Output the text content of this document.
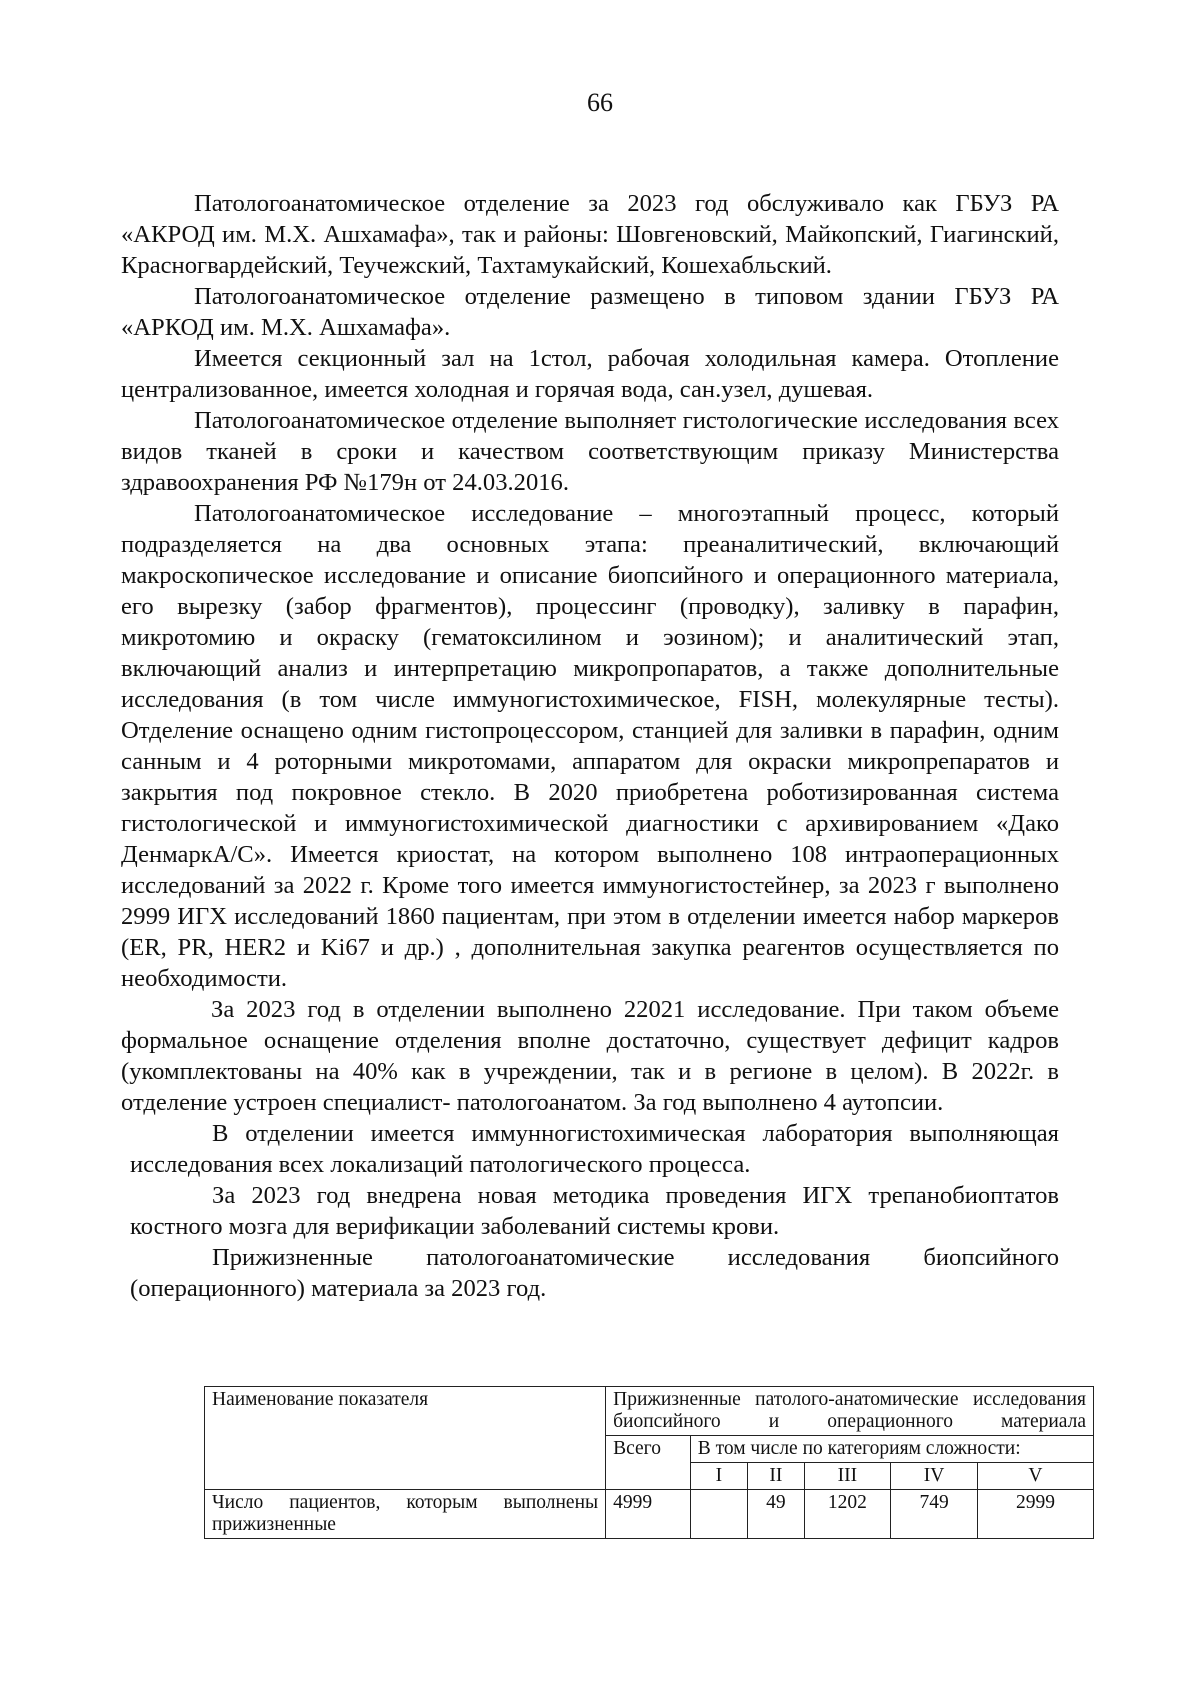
66

Патологоанатомическое отделение за 2023 год обслуживало как ГБУЗ РА «АКРОД им. М.Х. Ашхамафа», так и районы: Шовгеновский, Майкопский, Гиагинский, Красногвардейский, Теучежский, Тахтамукайский, Кошехабльский.

Патологоанатомическое отделение размещено в типовом здании ГБУЗ РА «АРКОД им. М.Х. Ашхамафа».

Имеется секционный зал на 1стол, рабочая холодильная камера. Отопление централизованное, имеется холодная и горячая вода, сан.узел, душевая.

Патологоанатомическое отделение выполняет гистологические исследования всех видов тканей в сроки и качеством соответствующим приказу Министерства здравоохранения РФ №179н от 24.03.2016.

Патологоанатомическое исследование – многоэтапный процесс, который подразделяется на два основных этапа: преаналитический, включающий макроскопическое исследование и описание биопсийного и операционного материала, его вырезку (забор фрагментов), процессинг (проводку), заливку в парафин, микротомию и окраску (гематоксилином и эозином); и аналитический этап, включающий анализ и интерпретацию микропропаратов, а также дополнительные исследования (в том числе иммуногистохимическое, FISH, молекулярные тесты). Отделение оснащено одним гистопроцессором, станцией для заливки в парафин, одним санным и 4 роторными микротомами, аппаратом для окраски микропрепаратов и закрытия под покровное стекло. В 2020 приобретена роботизированная система гистологической и иммуногистохимической диагностики с архивированием «Дако ДенмаркА/С». Имеется криостат, на котором выполнено 108 интраоперационных исследований за 2022 г. Кроме того имеется иммуногистостейнер, за 2023 г выполнено 2999 ИГХ исследований 1860 пациентам, при этом в отделении имеется набор маркеров (ER, PR, HER2 и Ki67 и др.) , дополнительная закупка реагентов осуществляется по необходимости.

За 2023 год в отделении выполнено 22021 исследование. При таком объеме формальное оснащение отделения вполне достаточно, существует дефицит кадров (укомплектованы на 40% как в учреждении, так и в регионе в целом). В 2022г. в отделение устроен специалист- патологоанатом. За год выполнено 4 аутопсии.

В отделении имеется иммунногистохимическая лаборатория выполняющая исследования всех локализаций патологического процесса.

За 2023 год внедрена новая методика проведения ИГХ трепанобиоптатов костного мозга для верификации заболеваний системы крови.

Прижизненные патологоанатомические исследования биопсийного (операционного) материала за 2023 год.

Наименование показателя	Прижизненные патолого-анатомические исследования биопсийного и операционного материала					
	Всего	В том числе по категориям сложности:				
		I	II	III	IV	V
Число пациентов, которым выполнены прижизненные	4999		49	1202	749	2999
